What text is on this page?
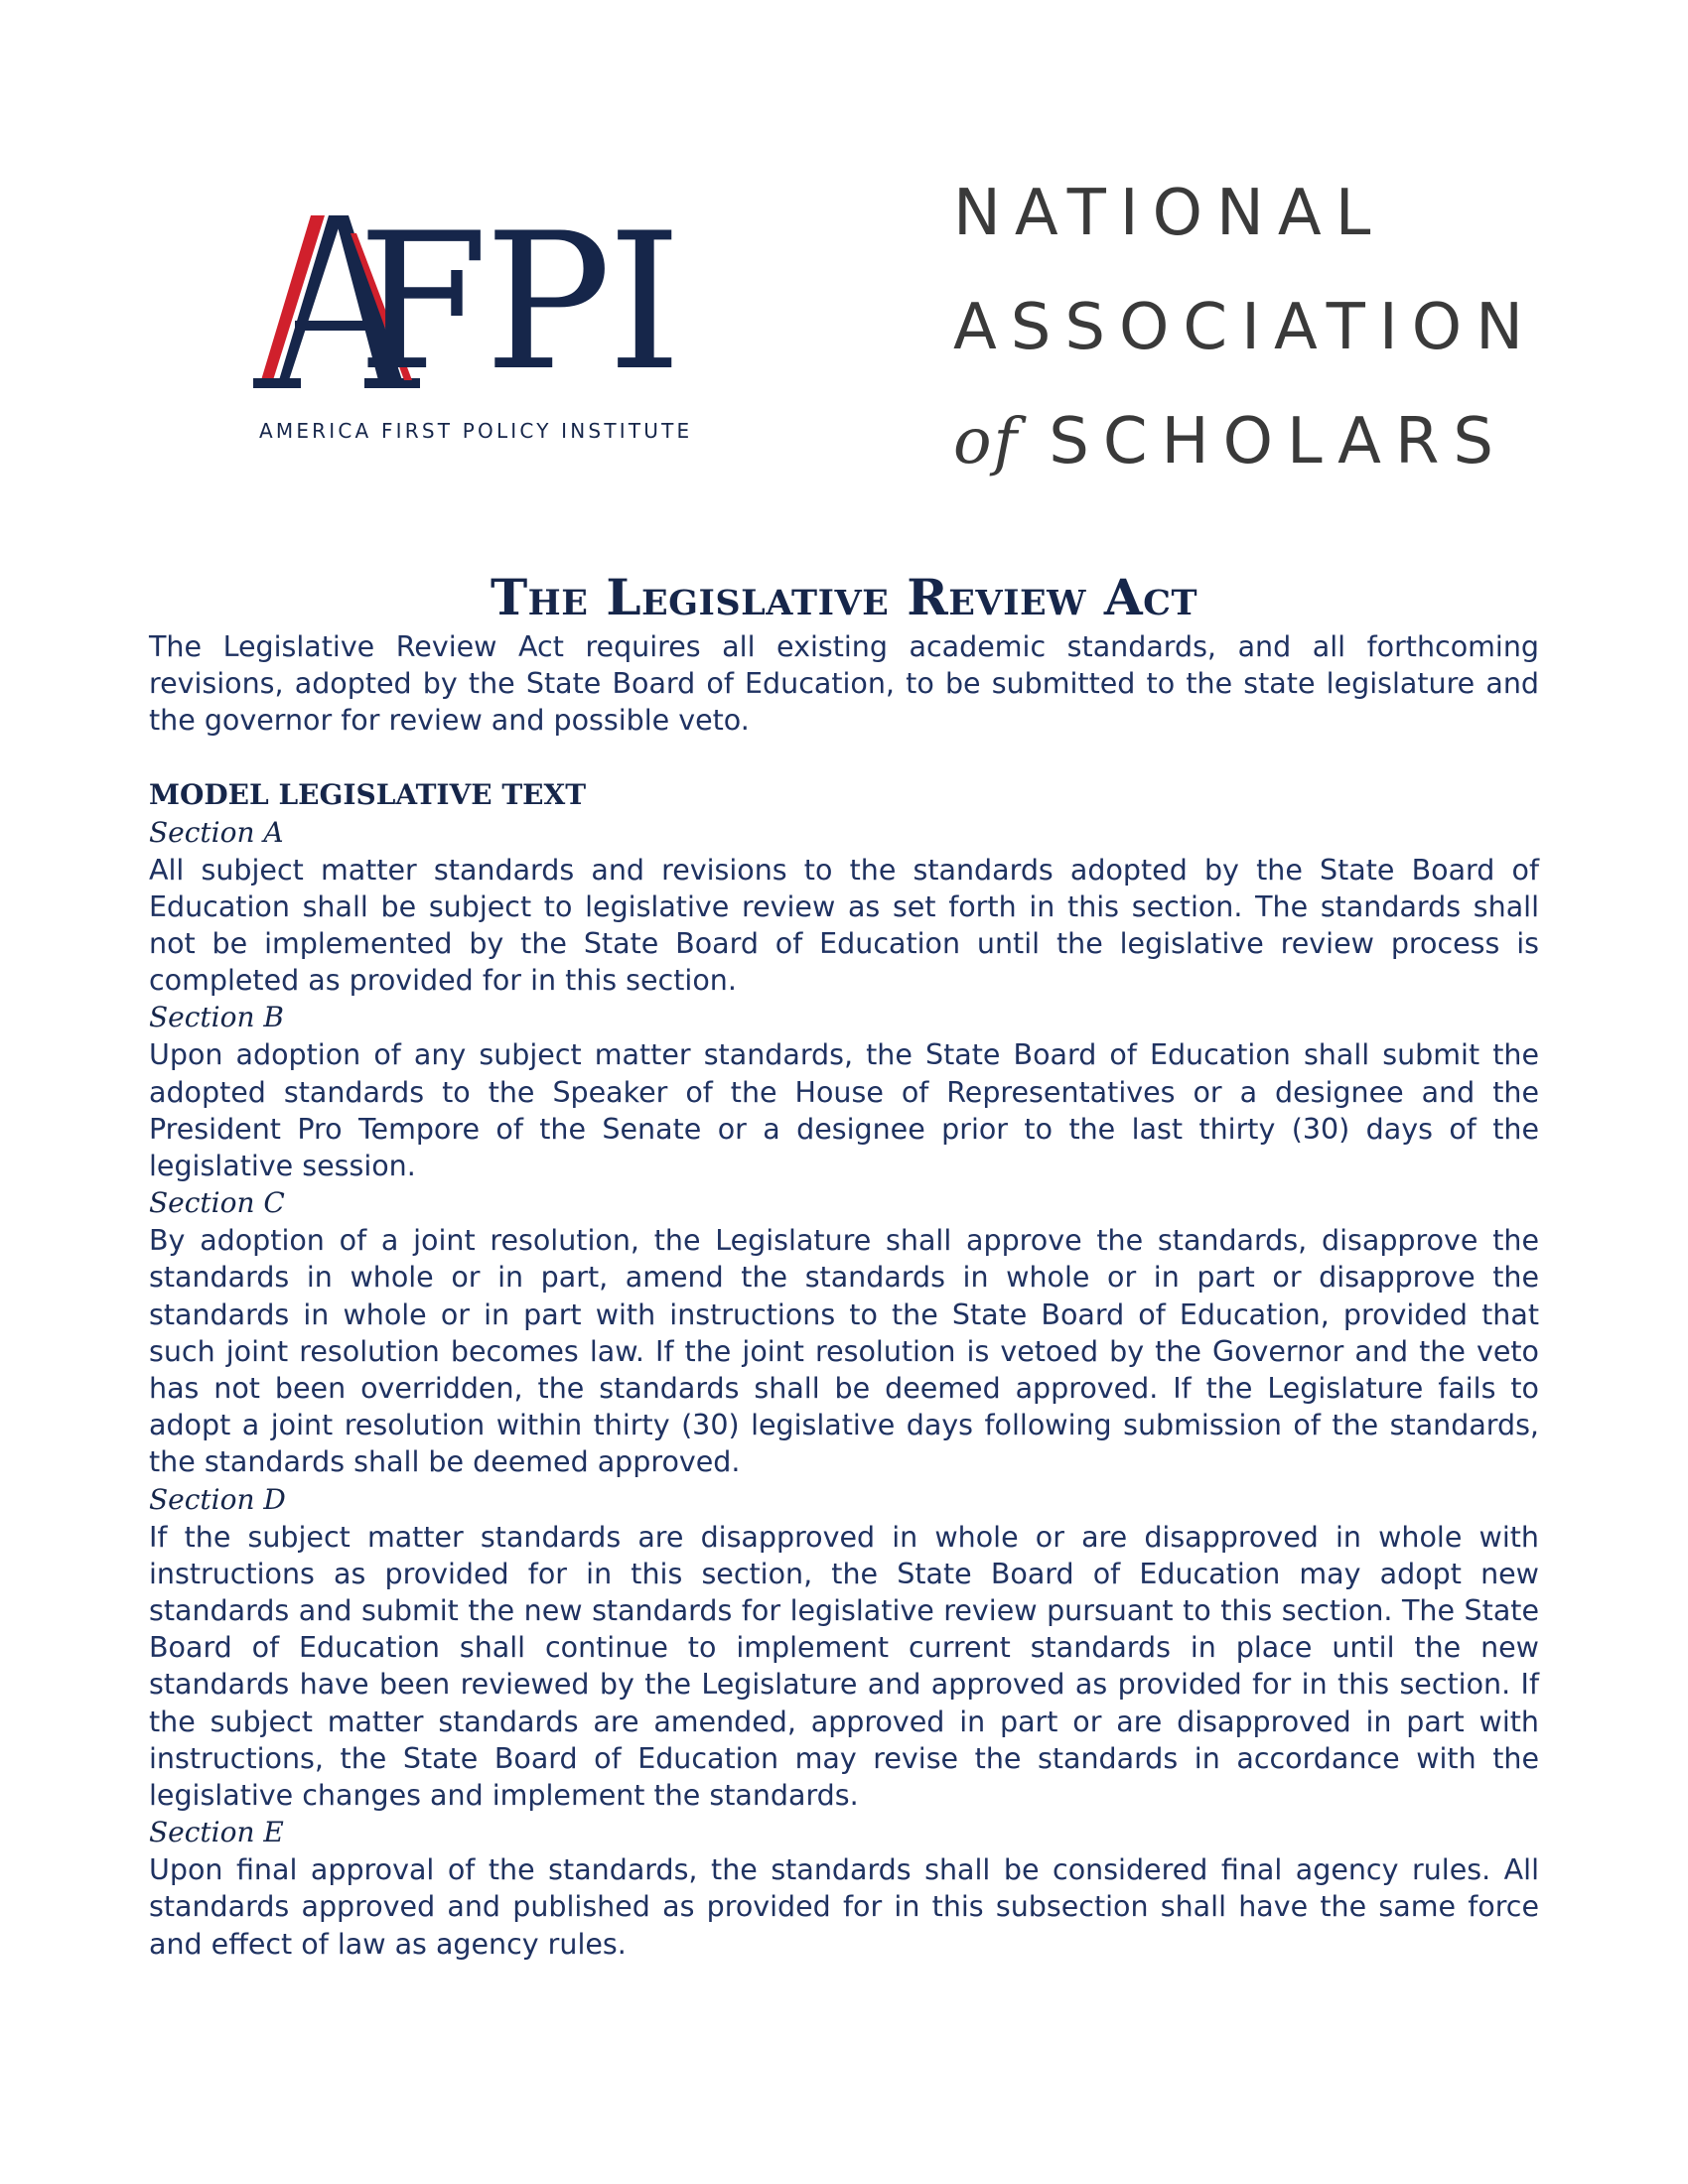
FPI
AMERICA FIRST POLICY INSTITUTE
NATIONAL
ASSOCIATION
of SCHOLARS
The Legislative Review Act

The Legislative Review Act requires all existing academic standards, and all forthcoming revisions, adopted by the State Board of Education, to be submitted to the state legislature and the governor for review and possible veto.

MODEL LEGISLATIVE TEXT
Section A

All subject matter standards and revisions to the standards adopted by the State Board of Education shall be subject to legislative review as set forth in this section. The standards shall not be implemented by the State Board of Education until the legislative review process is completed as provided for in this section.

Section B

Upon adoption of any subject matter standards, the State Board of Education shall submit the adopted standards to the Speaker of the House of Representatives or a designee and the President Pro Tempore of the Senate or a designee prior to the last thirty (30) days of the legislative session.

Section C

By adoption of a joint resolution, the Legislature shall approve the standards, disapprove the standards in whole or in part, amend the standards in whole or in part or disapprove the standards in whole or in part with instructions to the State Board of Education, provided that such joint resolution becomes law. If the joint resolution is vetoed by the Governor and the veto has not been overridden, the standards shall be deemed approved. If the Legislature fails to adopt a joint resolution within thirty (30) legislative days following submission of the standards, the standards shall be deemed approved.

Section D

If the subject matter standards are disapproved in whole or are disapproved in whole with instructions as provided for in this section, the State Board of Education may adopt new standards and submit the new standards for legislative review pursuant to this section. The State Board of Education shall continue to implement current standards in place until the new standards have been reviewed by the Legislature and approved as provided for in this section. If the subject matter standards are amended, approved in part or are disapproved in part with instructions, the State Board of Education may revise the standards in accordance with the legislative changes and implement the standards.

Section E

Upon final approval of the standards, the standards shall be considered final agency rules. All standards approved and published as provided for in this subsection shall have the same force and effect of law as agency rules.
